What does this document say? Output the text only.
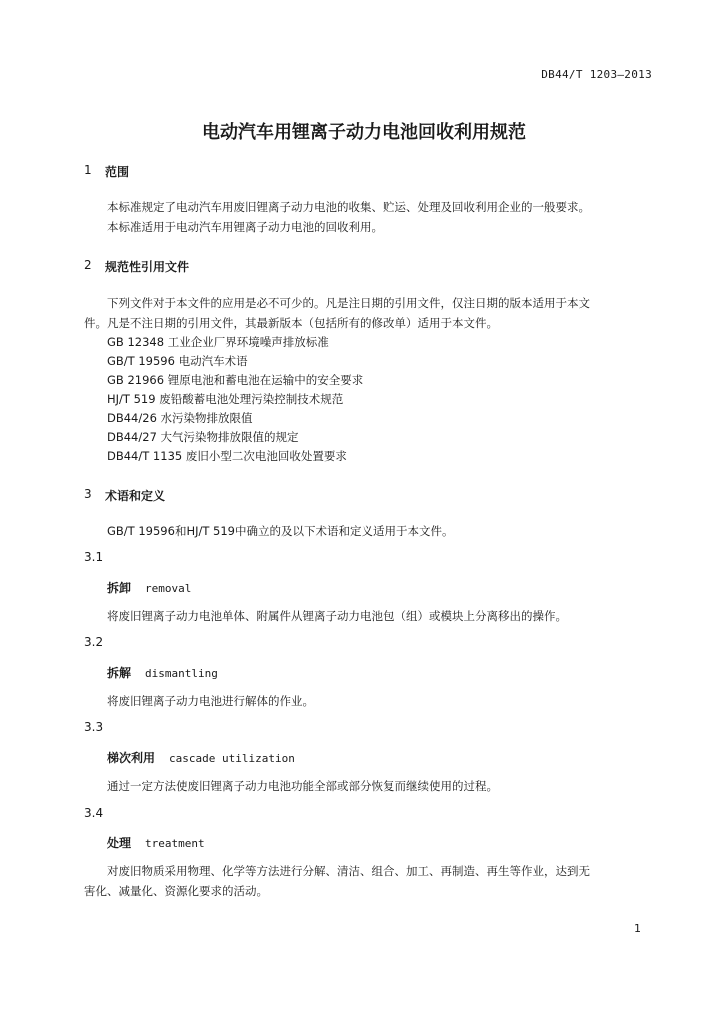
DB44/T 1203—2013
电动汽车用锂离子动力电池回收利用规范
1 范围
本标准规定了电动汽车用废旧锂离子动力电池的收集、贮运、处理及回收利用企业的一般要求。
本标准适用于电动汽车用锂离子动力电池的回收利用。
2 规范性引用文件
下列文件对于本文件的应用是必不可少的。凡是注日期的引用文件，仅注日期的版本适用于本文
件。凡是不注日期的引用文件，其最新版本（包括所有的修改单）适用于本文件。
GB 12348 工业企业厂界环境噪声排放标准
GB/T 19596 电动汽车术语
GB 21966 锂原电池和蓄电池在运输中的安全要求
HJ/T 519 废铅酸蓄电池处理污染控制技术规范
DB44/26 水污染物排放限值
DB44/27 大气污染物排放限值的规定
DB44/T 1135 废旧小型二次电池回收处置要求
3 术语和定义
GB/T 19596和HJ/T 519中确立的及以下术语和定义适用于本文件。
3.1
拆卸 removal
将废旧锂离子动力电池单体、附属件从锂离子动力电池包（组）或模块上分离移出的操作。
3.2
拆解 dismantling
将废旧锂离子动力电池进行解体的作业。
3.3
梯次利用 cascade utilization
通过一定方法使废旧锂离子动力电池功能全部或部分恢复而继续使用的过程。
3.4
处理 treatment
对废旧物质采用物理、化学等方法进行分解、清洁、组合、加工、再制造、再生等作业，达到无
害化、减量化、资源化要求的活动。
1
